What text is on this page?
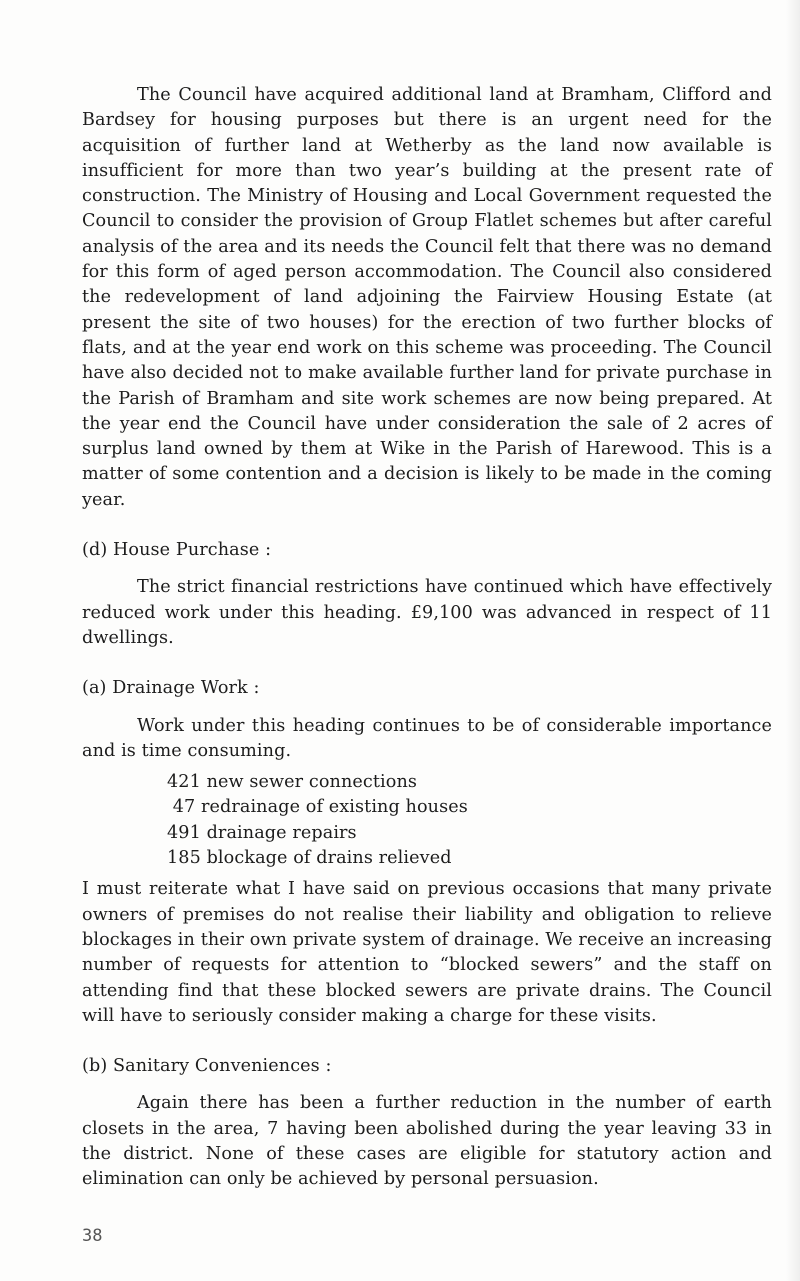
The Council have acquired additional land at Bramham, Clifford and Bardsey for housing purposes but there is an urgent need for the acquisition of further land at Wetherby as the land now available is insufficient for more than two year’s building at the present rate of construction. The Ministry of Housing and Local Government requested the Council to consider the provision of Group Flatlet schemes but after careful analysis of the area and its needs the Council felt that there was no demand for this form of aged person accommodation. The Council also considered the redevelopment of land adjoining the Fairview Housing Estate (at present the site of two houses) for the erection of two further blocks of flats, and at the year end work on this scheme was proceeding. The Council have also decided not to make available further land for private purchase in the Parish of Bramham and site work schemes are now being prepared. At the year end the Council have under consideration the sale of 2 acres of surplus land owned by them at Wike in the Parish of Harewood. This is a matter of some contention and a decision is likely to be made in the coming year.

(d) House Purchase :

The strict financial restrictions have continued which have effectively reduced work under this heading. £9,100 was advanced in respect of 11 dwellings.

(a) Drainage Work :

Work under this heading continues to be of considerable importance and is time consuming.

421 new sewer connections
47 redrainage of existing houses
491 drainage repairs
185 blockage of drains relieved

I must reiterate what I have said on previous occasions that many private owners of premises do not realise their liability and obligation to relieve blockages in their own private system of drainage. We receive an increasing number of requests for attention to “blocked sewers” and the staff on attending find that these blocked sewers are private drains. The Council will have to seriously consider making a charge for these visits.

(b) Sanitary Conveniences :

Again there has been a further reduction in the number of earth closets in the area, 7 having been abolished during the year leaving 33 in the district. None of these cases are eligible for statutory action and elimination can only be achieved by personal persuasion.

38
